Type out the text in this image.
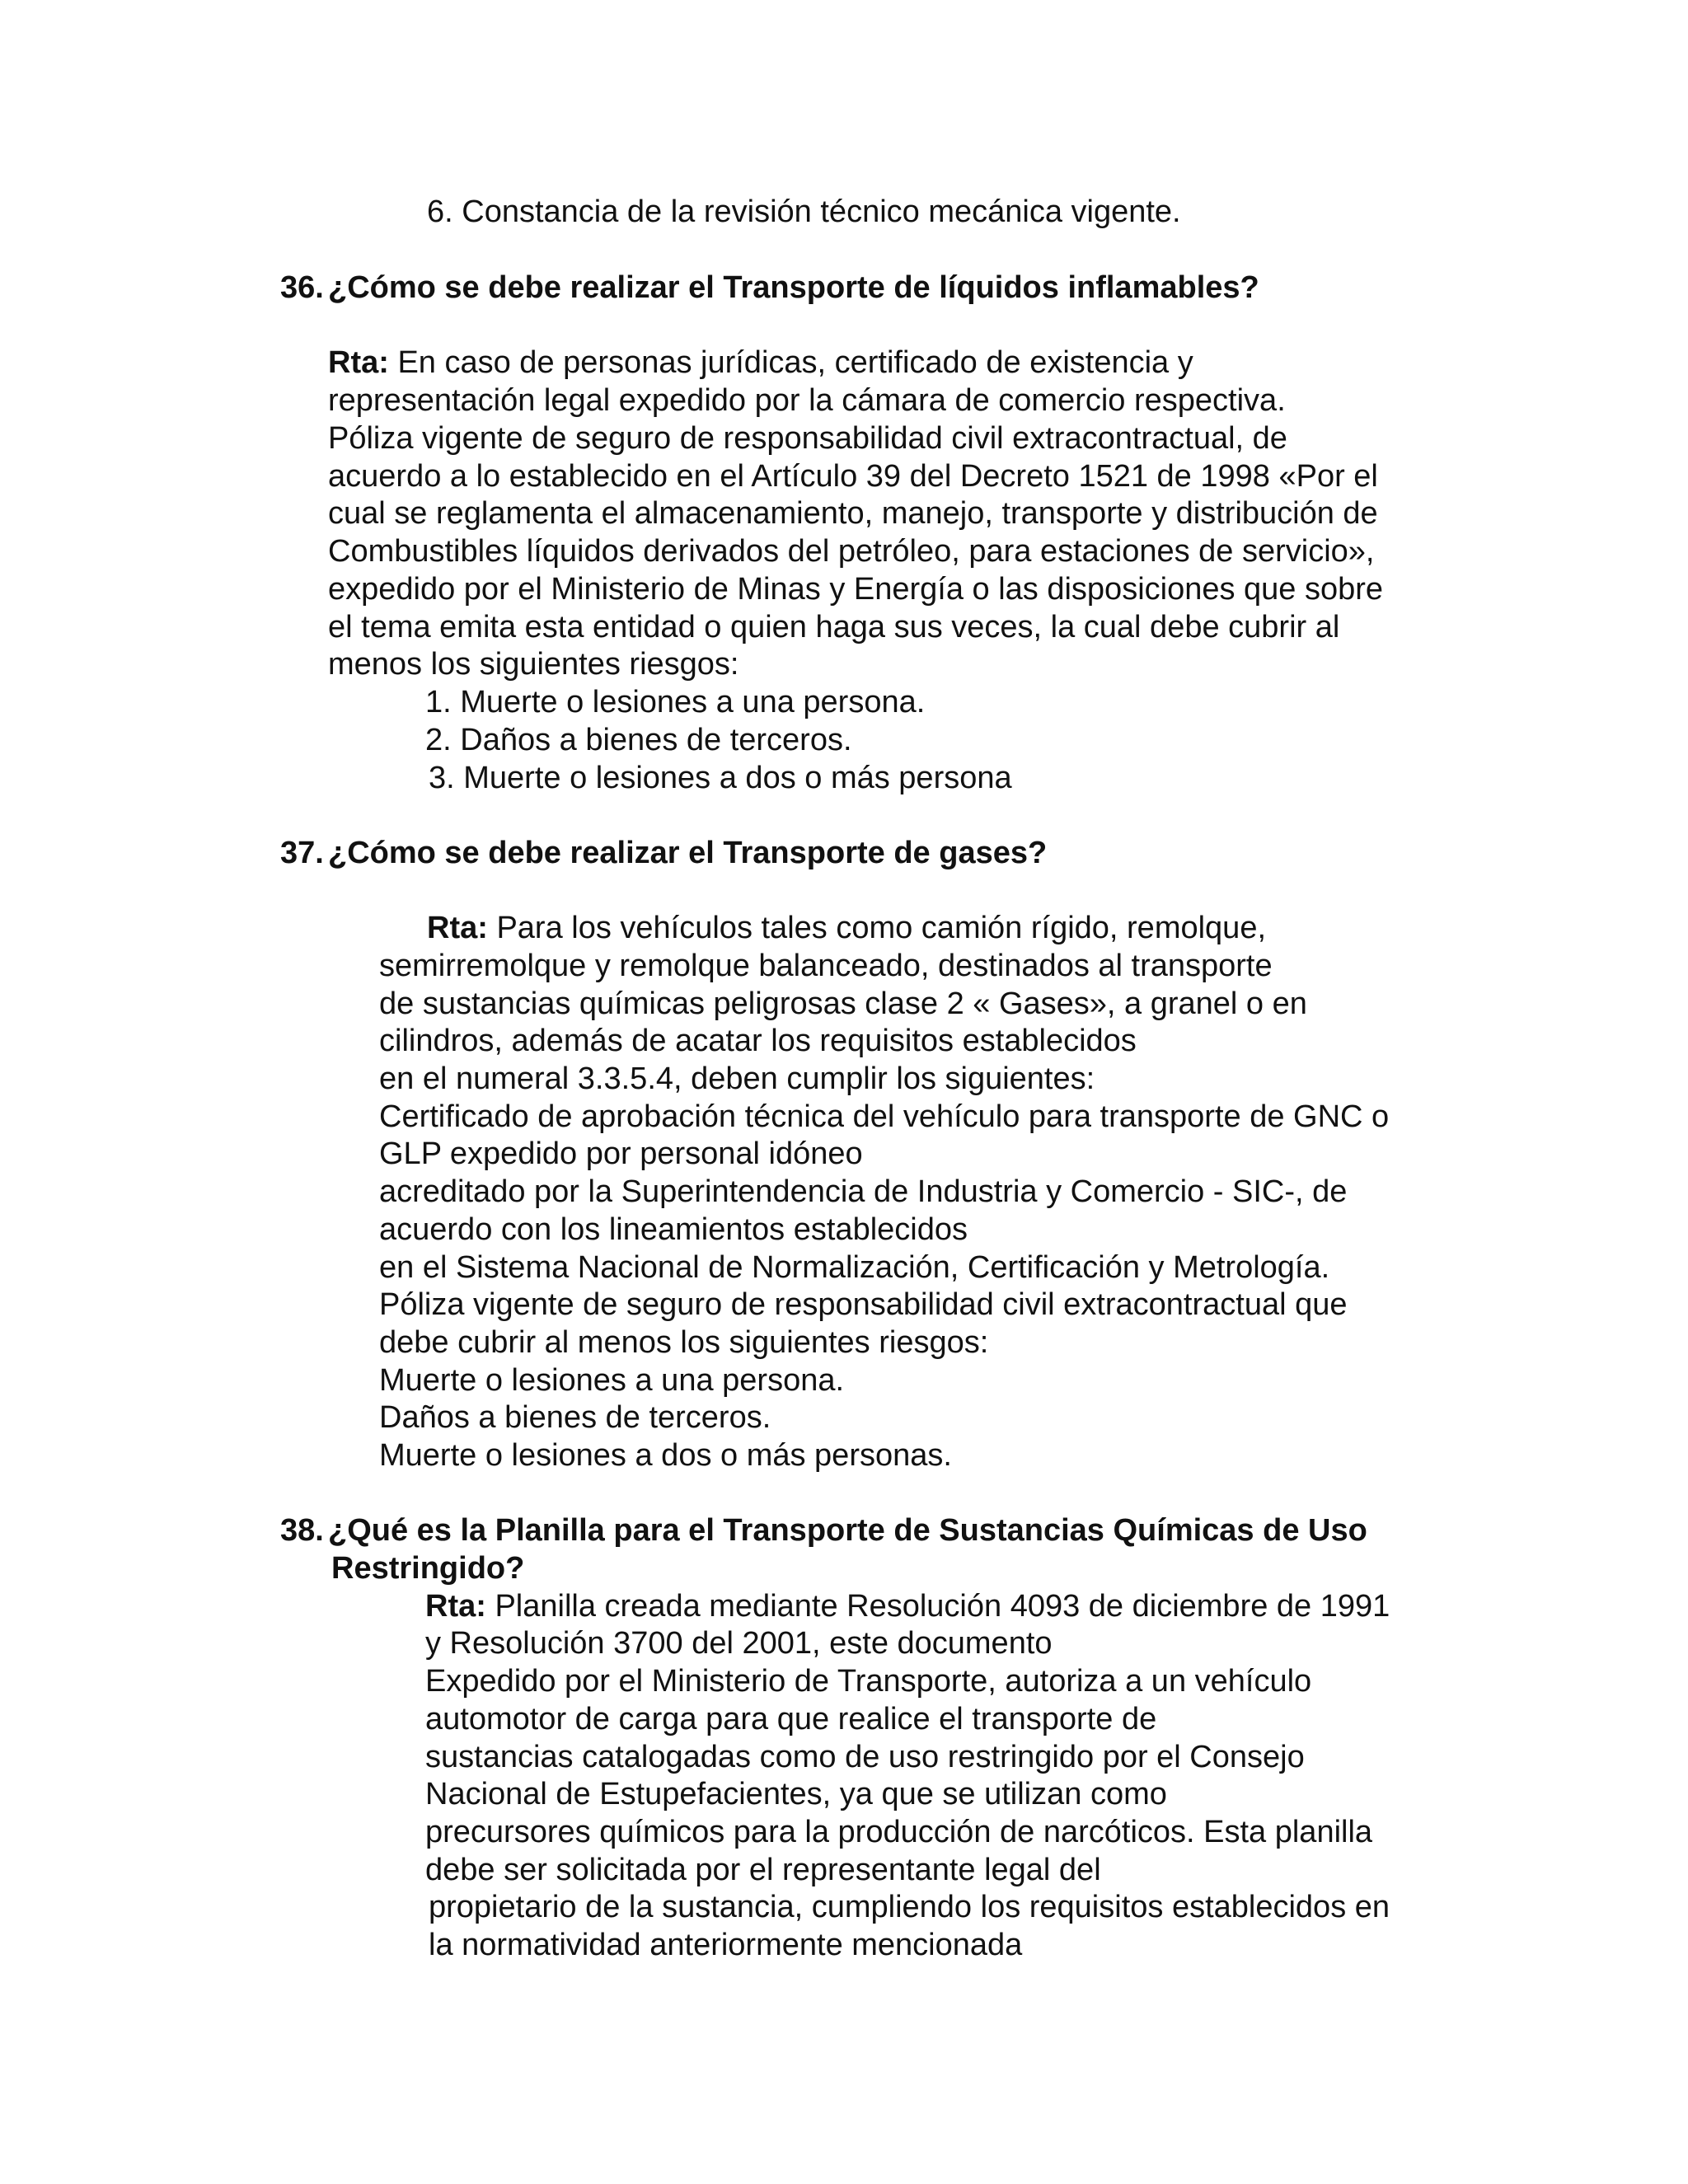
6. Constancia de la revisión técnico mecánica vigente.
36. ¿Cómo se debe realizar el Transporte de líquidos inflamables?
Rta: En caso de personas jurídicas, certificado de existencia y
representación legal expedido por la cámara de comercio respectiva.
Póliza vigente de seguro de responsabilidad civil extracontractual, de
acuerdo a lo establecido en el Artículo 39 del Decreto 1521 de 1998 «Por el
cual se reglamenta el almacenamiento, manejo, transporte y distribución de
Combustibles líquidos derivados del petróleo, para estaciones de servicio»,
expedido por el Ministerio de Minas y Energía o las disposiciones que sobre
el tema emita esta entidad o quien haga sus veces, la cual debe cubrir al
menos los siguientes riesgos:
1. Muerte o lesiones a una persona.
2. Daños a bienes de terceros.
3. Muerte o lesiones a dos o más persona
37. ¿Cómo se debe realizar el Transporte de gases?
Rta: Para los vehículos tales como camión rígido, remolque,
semirremolque y remolque balanceado, destinados al transporte
de sustancias químicas peligrosas clase 2 « Gases», a granel o en
cilindros, además de acatar los requisitos establecidos
en el numeral 3.3.5.4, deben cumplir los siguientes:
Certificado de aprobación técnica del vehículo para transporte de GNC o
GLP expedido por personal idóneo
acreditado por la Superintendencia de Industria y Comercio - SIC-, de
acuerdo con los lineamientos establecidos
en el Sistema Nacional de Normalización, Certificación y Metrología.
Póliza vigente de seguro de responsabilidad civil extracontractual que
debe cubrir al menos los siguientes riesgos:
Muerte o lesiones a una persona.
Daños a bienes de terceros.
Muerte o lesiones a dos o más personas.
38. ¿Qué es la Planilla para el Transporte de Sustancias Químicas de Uso
Restringido?
Rta: Planilla creada mediante Resolución 4093 de diciembre de 1991
y Resolución 3700 del 2001, este documento
Expedido por el Ministerio de Transporte, autoriza a un vehículo
automotor de carga para que realice el transporte de
sustancias catalogadas como de uso restringido por el Consejo
Nacional de Estupefacientes, ya que se utilizan como
precursores químicos para la producción de narcóticos. Esta planilla
debe ser solicitada por el representante legal del
propietario de la sustancia, cumpliendo los requisitos establecidos en
la normatividad anteriormente mencionada
